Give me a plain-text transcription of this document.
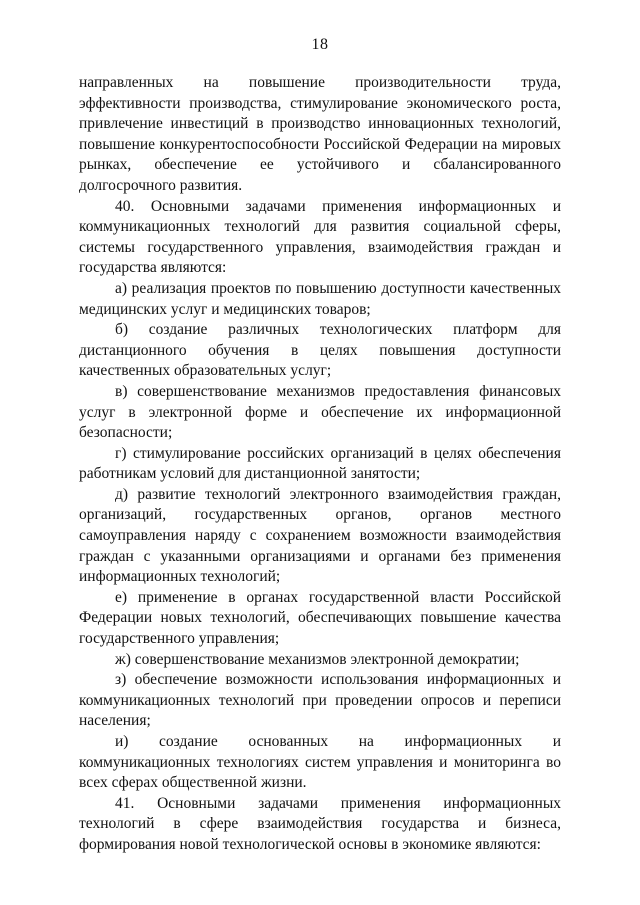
18

направленных на повышение производительности труда, эффективности производства, стимулирование экономического роста, привлечение инвестиций в производство инновационных технологий, повышение конкурентоспособности Российской Федерации на мировых рынках, обеспечение ее устойчивого и сбалансированного долгосрочного развития.

40. Основными задачами применения информационных и коммуникационных технологий для развития социальной сферы, системы государственного управления, взаимодействия граждан и государства являются:

а) реализация проектов по повышению доступности качественных медицинских услуг и медицинских товаров;

б) создание различных технологических платформ для дистанционного обучения в целях повышения доступности качественных образовательных услуг;

в) совершенствование механизмов предоставления финансовых услуг в электронной форме и обеспечение их информационной безопасности;

г) стимулирование российских организаций в целях обеспечения работникам условий для дистанционной занятости;

д) развитие технологий электронного взаимодействия граждан, организаций, государственных органов, органов местного самоуправления наряду с сохранением возможности взаимодействия граждан с указанными организациями и органами без применения информационных технологий;

е) применение в органах государственной власти Российской Федерации новых технологий, обеспечивающих повышение качества государственного управления;

ж) совершенствование механизмов электронной демократии;

з) обеспечение возможности использования информационных и коммуникационных технологий при проведении опросов и переписи населения;

и) создание основанных на информационных и коммуникационных технологиях систем управления и мониторинга во всех сферах общественной жизни.

41. Основными задачами применения информационных технологий в сфере взаимодействия государства и бизнеса, формирования новой технологической основы в экономике являются:
